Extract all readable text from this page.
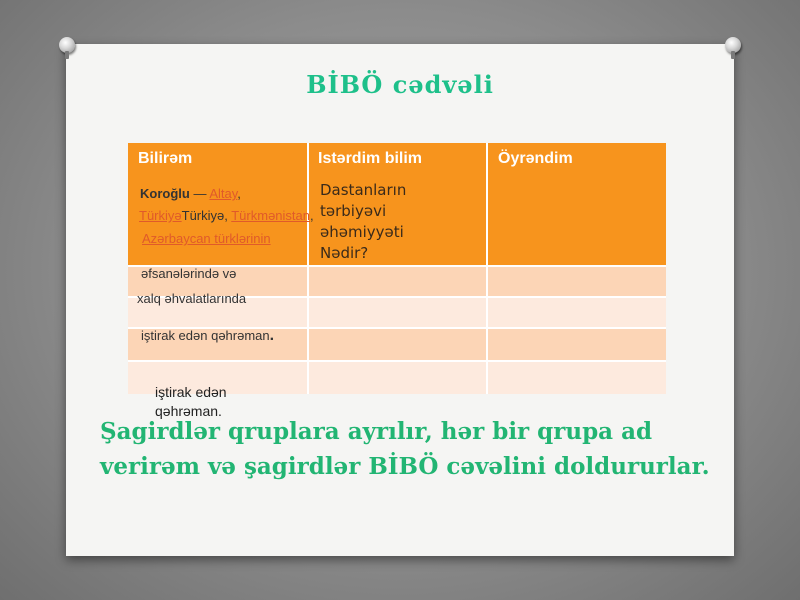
BİBÖ cədvəli
Bilirəm	Istərdim bilim	Öyrəndim
Koroğlu — Altay,
TürkiyəTürkiyə, Türkmənistan,
Azərbaycan türklərinin
əfsanələrində və
xalq əhvalatlarında
iştirak edən qəhrəman.
Dastanların
tərbiyəvi
əhəmiyyəti
Nədir?
iştirak edən
qəhrəman.
Şagirdlər qruplara ayrılır, hər bir qrupa ad verirəm və şagirdlər BİBÖ cəvəlini doldururlar.
